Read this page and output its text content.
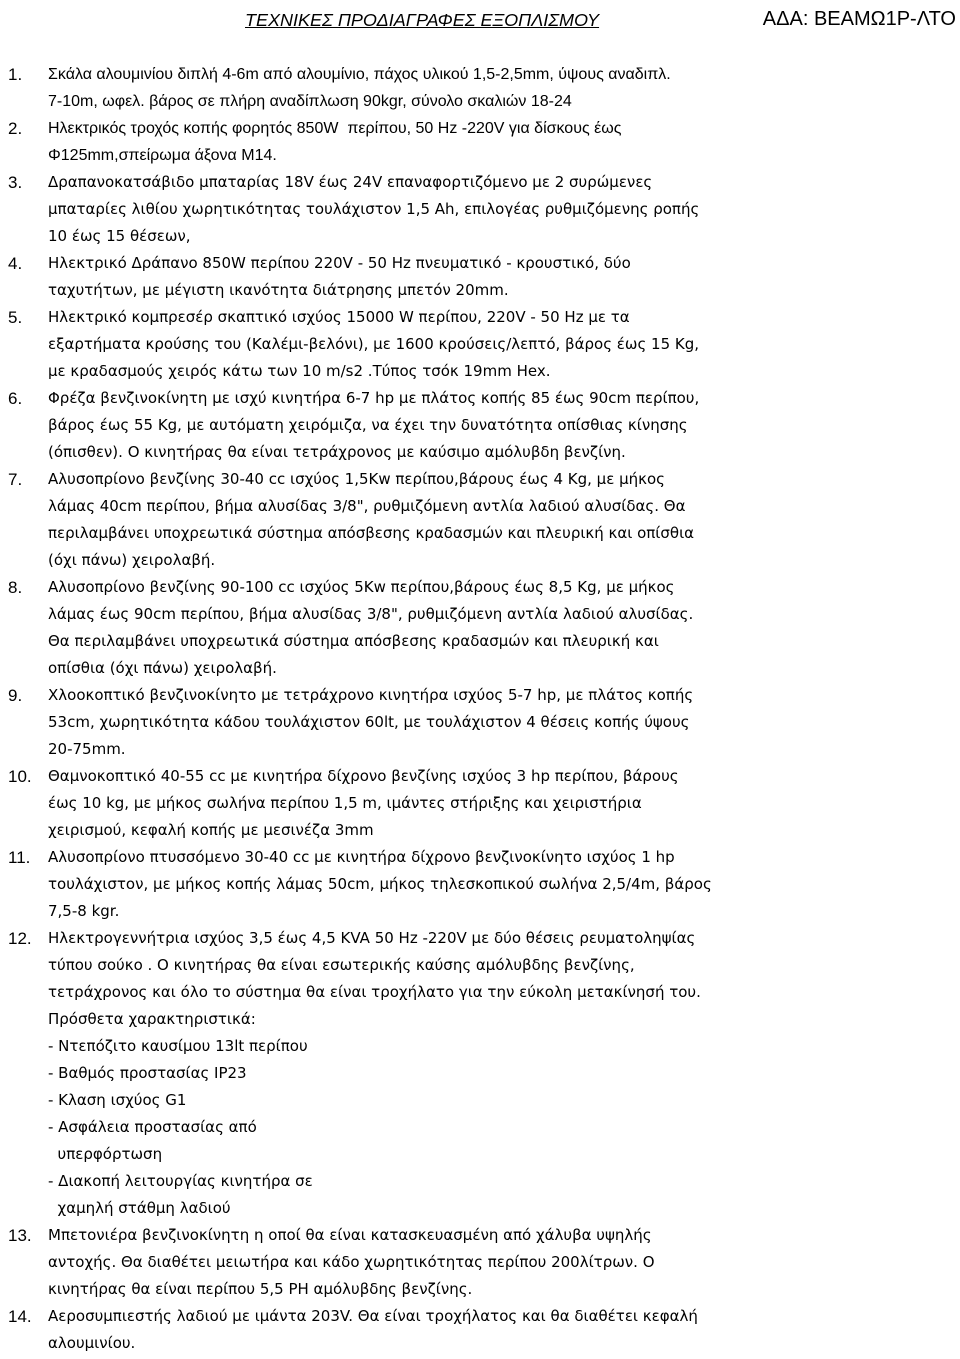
ΤΕΧΝΙΚΕΣ ΠΡΟΔΙΑΓΡΑΦΕΣ ΕΞΟΠΛΙΣΜΟΥ	ΑΔΑ: ΒΕΑΜΩ1Ρ-ΛΤΟ
1. Σκάλα αλουμινίου διπλή 4-6m από αλουμίνιο, πάχος υλικού 1,5-2,5mm, ύψους αναδιπλ.
7-10m, ωφελ. βάρος σε πλήρη αναδίπλωση 90kgr, σύνολο σκαλιών 18-24
2. Ηλεκτρικός τροχός κοπής φορητός 850W  περίπου, 50 Hz -220V για δίσκους έως
Φ125mm,σπείρωμα άξονα Μ14.
3. Δραπανοκατσάβιδο μπαταρίας 18V έως 24V επαναφορτιζόμενο με 2 συρώμενες
μπαταρίες λιθίου χωρητικότητας τουλάχιστον 1,5 Ah, επιλογέας ρυθμιζόμενης ροπής
10 έως 15 θέσεων,
4. Ηλεκτρικό Δράπανο 850W περίπου 220V - 50 Hz πνευματικό - κρουστικό, δύο
ταχυτήτων, με μέγιστη ικανότητα διάτρησης μπετόν 20mm.
5. Ηλεκτρικό κομπρεσέρ σκαπτικό ισχύος 15000 W περίπου, 220V - 50 Hz με τα
εξαρτήματα κρούσης του (Καλέμι-βελόνι), με 1600 κρούσεις/λεπτό, βάρος έως 15 Kg,
με κραδασμούς χειρός κάτω των 10 m/s2 .Τύπος τσόκ 19mm Hex.
6. Φρέζα βενζινοκίνητη με ισχύ κινητήρα 6-7 hp με πλάτος κοπής 85 έως 90cm περίπου,
βάρος έως 55 Kg, με αυτόματη χειρόμιζα, να έχει την δυνατότητα οπίσθιας κίνησης
(όπισθεν). Ο κινητήρας θα είναι τετράχρονος με καύσιμο αμόλυβδη βενζίνη.
7. Αλυσοπρίονο βενζίνης 30-40 cc ισχύος 1,5Kw περίπου,βάρους έως 4 Kg, με μήκος
λάμας 40cm περίπου, βήμα αλυσίδας 3/8", ρυθμιζόμενη αντλία λαδιού αλυσίδας. Θα
περιλαμβάνει υποχρεωτικά σύστημα απόσβεσης κραδασμών και πλευρική και οπίσθια
(όχι πάνω) χειρολαβή.
8. Αλυσοπρίονο βενζίνης 90-100 cc ισχύος 5Kw περίπου,βάρους έως 8,5 Kg, με μήκος
λάμας έως 90cm περίπου, βήμα αλυσίδας 3/8", ρυθμιζόμενη αντλία λαδιού αλυσίδας.
Θα περιλαμβάνει υποχρεωτικά σύστημα απόσβεσης κραδασμών και πλευρική και
οπίσθια (όχι πάνω) χειρολαβή.
9. Χλοοκοπτικό βενζινοκίνητο με τετράχρονο κινητήρα ισχύος 5-7 hp, με πλάτος κοπής
53cm, χωρητικότητα κάδου τουλάχιστον 60lt, με τουλάχιστον 4 θέσεις κοπής ύψους
20-75mm.
10. Θαμνοκοπτικό 40-55 cc με κινητήρα δίχρονο βενζίνης ισχύος 3 hp περίπου, βάρους
έως 10 kg, με μήκος σωλήνα περίπου 1,5 m, ιμάντες στήριξης και χειριστήρια
χειρισμού, κεφαλή κοπής με μεσινέζα 3mm
11. Αλυσοπρίονο πτυσσόμενο 30-40 cc με κινητήρα δίχρονο βενζινοκίνητο ισχύος 1 hp
τουλάχιστον, με μήκος κοπής λάμας 50cm, μήκος τηλεσκοπικού σωλήνα 2,5/4m, βάρος
7,5-8 kgr.
12. Ηλεκτρογεννήτρια ισχύος 3,5 έως 4,5 KVA 50 Hz -220V με δύο θέσεις ρευματοληψίας
τύπου σούκο . Ο κινητήρας θα είναι εσωτερικής καύσης αμόλυβδης βενζίνης,
τετράχρονος και όλο το σύστημα θα είναι τροχήλατο για την εύκολη μετακίνησή του.
Πρόσθετα χαρακτηριστικά:
- Ντεπόζιτο καυσίμου 13lt περίπου
- Βαθμός προστασίας IP23
- Κλαση ισχύος G1
- Ασφάλεια προστασίας από
υπερφόρτωση
- Διακοπή λειτουργίας κινητήρα σε
χαμηλή στάθμη λαδιού
13. Μπετονιέρα βενζινοκίνητη η οποί θα είναι κατασκευασμένη από χάλυβα υψηλής
αντοχής. Θα διαθέτει μειωτήρα και κάδο χωρητικότητας περίπου 200λίτρων. Ο
κινητήρας θα είναι περίπου 5,5 PH αμόλυβδης βενζίνης.
14. Αεροσυμπιεστής λαδιού με ιμάντα 203V. Θα είναι τροχήλατος και θα διαθέτει κεφαλή
αλουμινίου.
